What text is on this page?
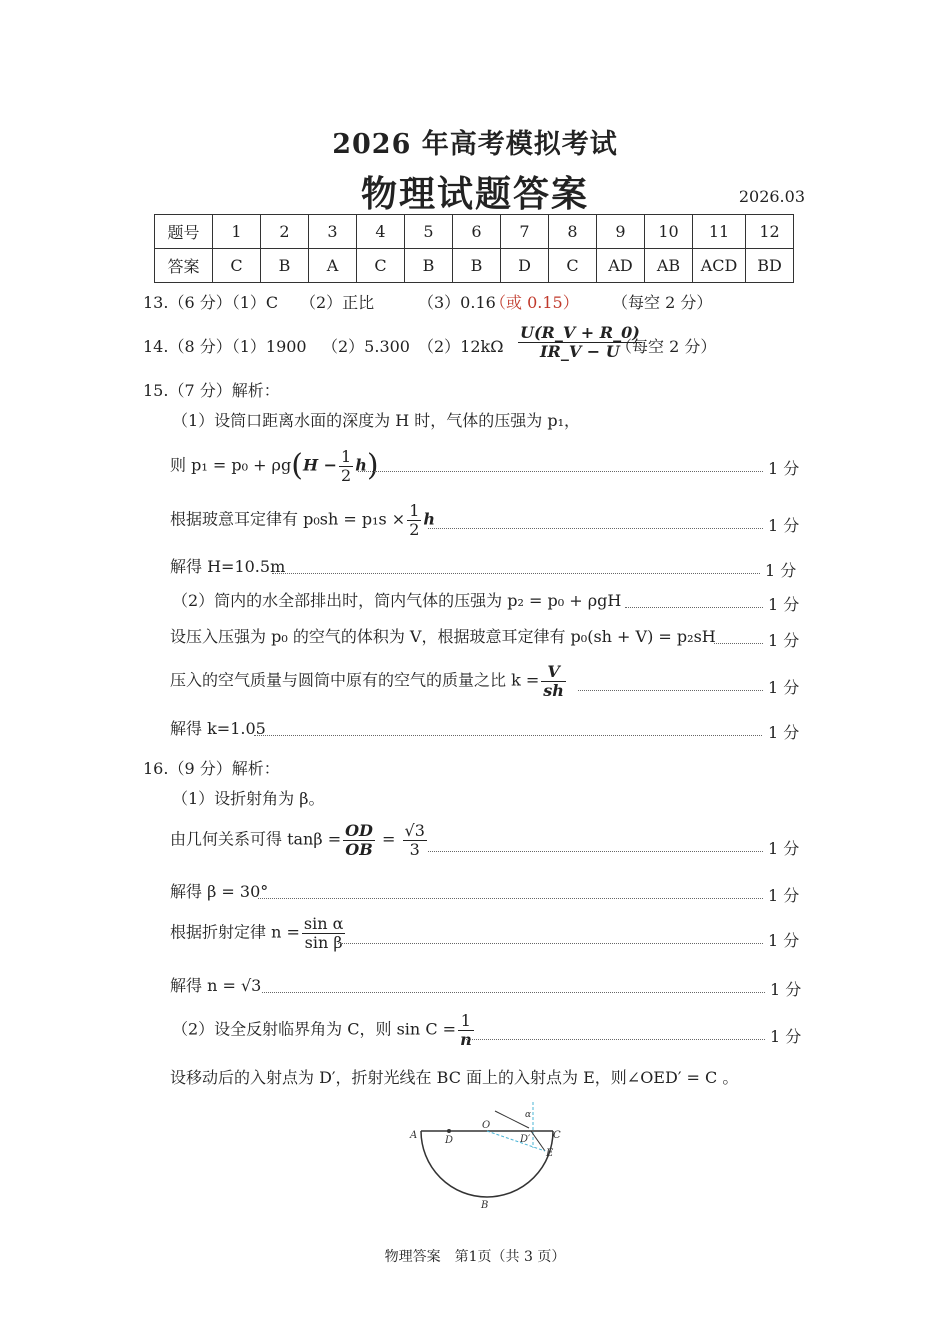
2026 年高考模拟考试
物理试题答案	2026.03
题号	1	2	3	4	5	6	7	8	9	10	11	12
答案	C	B	A	C	B	B	D	C	AD	AB	ACD	BD
13.（6 分）（1）C （2）正比	（3）0.16
（或 0.15） （每空 2 分）
14.（8 分）（1）1900 （2）5.300 $(2)12k\Omega \frac{U(R\_V + R\_0)}{IR\_V - U}$
（每空 2 分）
15.（7 分）解析：
（1）设筒口距离水面的深度为 H 时，气体的压强为 p₁，
则 $p_1 = p_0 + \rho g(H - \frac{1}{2} h)$	1 分
根据玻意耳定律有 $p_0sh = p_1s \times \frac{1}{2}$ h	1 分
解得 H=10.5m	1 分
（2）筒内的水全部排出时，筒内气体的压强为 p₂ = p₀ + ρgH	1 分
设压入压强为 p₀ 的空气的体积为 V，根据玻意耳定律有 p₀(sh + V) = p₂sH	1 分
压入的空气质量与圆筒中原有的空气的质量之比 $k = \frac{V}{sh}$	1 分
解得 k=1.05	1 分
16.（9 分）解析：
（1）设折射角为 β。
由几何关系可得 $\tan\beta = \frac{OD}{OB} = \frac{√3}{3}$	1 分
解得 β = 30°	1 分
根据折射定律 $n = \frac{\text{sin α}}{\text{sin β}}$	1 分
解得 n = √3	1 分
（2）设全反射临界角为 C，则 $\sin C = \frac{1}{n}$	1 分
设移动后的入射点为 D′，折射光线在 BC 面上的入射点为 E，则∠OED′ = C 。
A	D
O
D′
α
C
E
B
物理答案　第1页（共 3 页）
